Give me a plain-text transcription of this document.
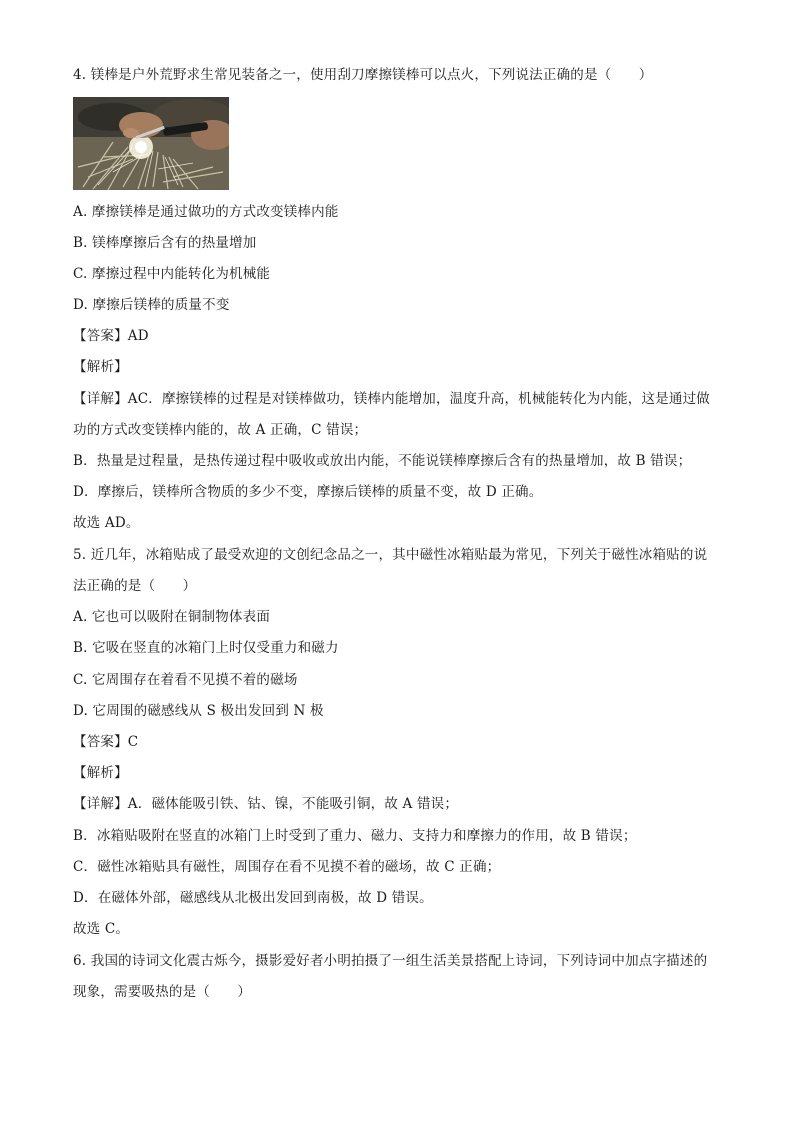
4. 镁棒是户外荒野求生常见装备之一，使用刮刀摩擦镁棒可以点火，下列说法正确的是（　　）
A. 摩擦镁棒是通过做功的方式改变镁棒内能
B. 镁棒摩擦后含有的热量增加
C. 摩擦过程中内能转化为机械能
D. 摩擦后镁棒的质量不变
【答案】AD
【解析】
【详解】AC．摩擦镁棒的过程是对镁棒做功，镁棒内能增加，温度升高，机械能转化为内能，这是通过做
功的方式改变镁棒内能的，故 A 正确，C 错误；
B．热量是过程量，是热传递过程中吸收或放出内能，不能说镁棒摩擦后含有的热量增加，故 B 错误；
D．摩擦后，镁棒所含物质的多少不变，摩擦后镁棒的质量不变，故 D 正确。
故选 AD。
5. 近几年，冰箱贴成了最受欢迎的文创纪念品之一，其中磁性冰箱贴最为常见，下列关于磁性冰箱贴的说
法正确的是（　　）
A. 它也可以吸附在铜制物体表面
B. 它吸在竖直的冰箱门上时仅受重力和磁力
C. 它周围存在着看不见摸不着的磁场
D. 它周围的磁感线从 S 极出发回到 N 极
【答案】C
【解析】
【详解】A．磁体能吸引铁、钴、镍，不能吸引铜，故 A 错误；
B．冰箱贴吸附在竖直的冰箱门上时受到了重力、磁力、支持力和摩擦力的作用，故 B 错误；
C．磁性冰箱贴具有磁性，周围存在看不见摸不着的磁场，故 C 正确；
D．在磁体外部，磁感线从北极出发回到南极，故 D 错误。
故选 C。
6. 我国的诗词文化震古烁今，摄影爱好者小明拍摄了一组生活美景搭配上诗词，下列诗词中加点字描述的
现象，需要吸热的是（　　）
